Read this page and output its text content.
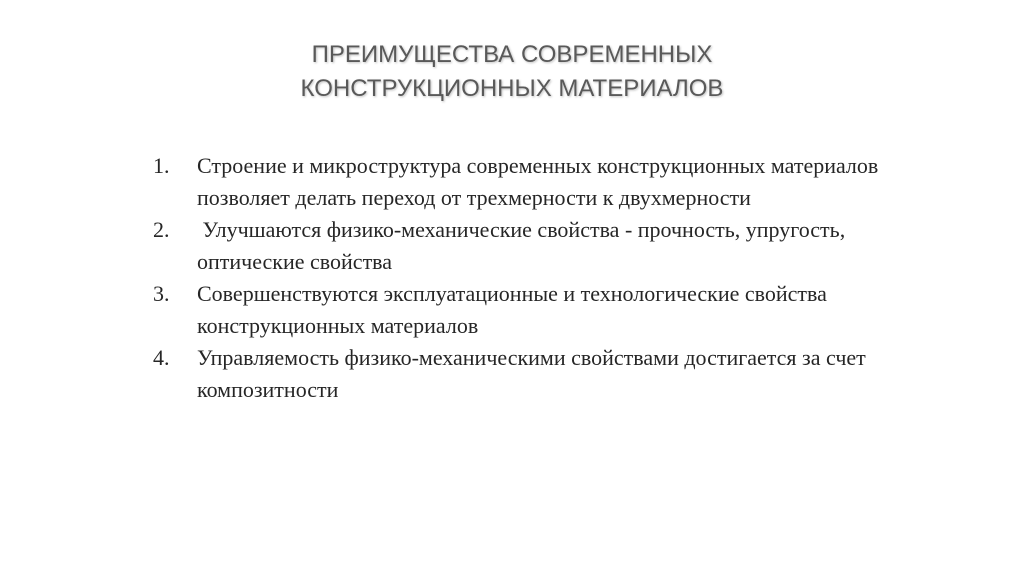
ПРЕИМУЩЕСТВА СОВРЕМЕННЫХ
КОНСТРУКЦИОННЫХ МАТЕРИАЛОВ
1. Строение и микроструктура современных конструкционных материалов позволяет делать переход от трехмерности к двухмерности
2. Улучшаются физико-механические свойства - прочность, упругость, оптические свойства
3. Совершенствуются эксплуатационные и технологические свойства конструкционных материалов
4. Управляемость физико-механическими свойствами достигается за счет композитности
